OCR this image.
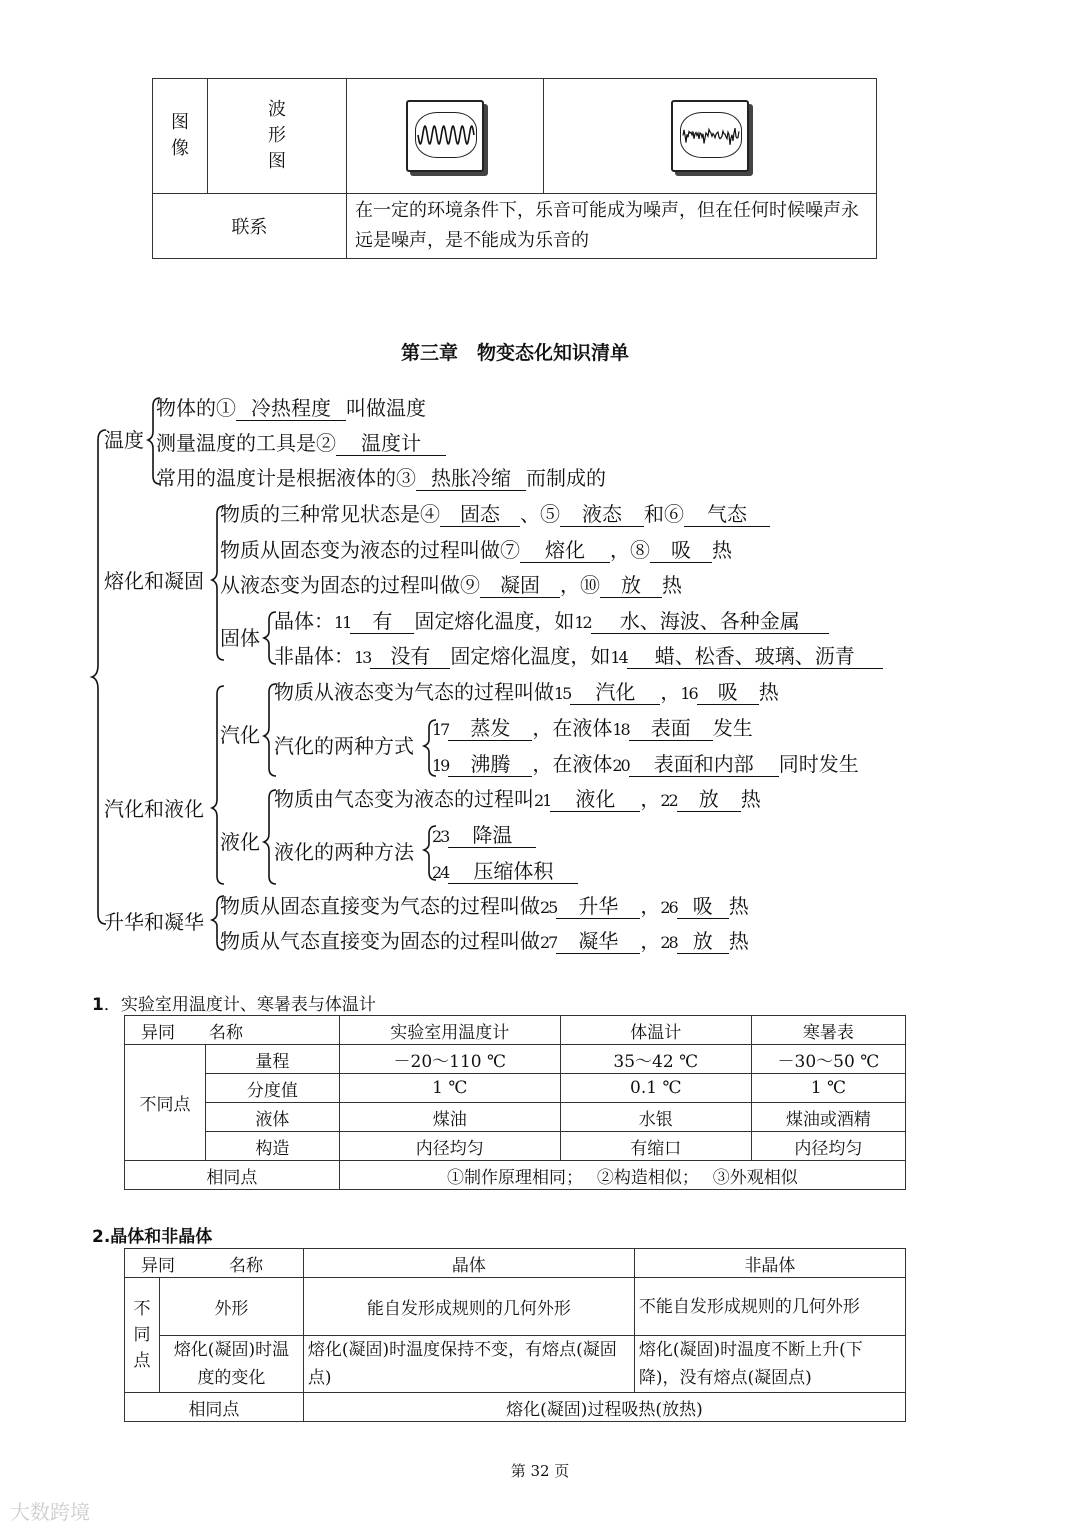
图像	波形图

联系		在一定的环境条件下，乐音可能成为噪声，但在任何时候噪声永远是噪声，是不能成为乐音的	
第三章　物变态化知识清单
温度
物体的① 冷热程度 叫做温度
测量温度的工具是② 温度计
常用的温度计是根据液体的③ 热胀冷缩 而制成的
熔化和凝固
物质的三种常见状态是④ 固态 、⑤ 液态 和⑥ 气态
物质从固态变为液态的过程叫做⑦ 熔化 ，⑧ 吸 热
从液态变为固态的过程叫做⑨ 凝固 ，⑩ 放 热
固体
晶体：11 有 固定熔化温度，如12 水、海波、各种金属
非晶体：13 没有 固定熔化温度，如14 蜡、松香、玻璃、沥青
汽化和液化
汽化
物质从液态变为气态的过程叫做15 汽化 ，16 吸 热
汽化的两种方式
17 蒸发 ，在液体18 表面 发生
19 沸腾 ，在液体20 表面和内部 同时发生
液化
物质由气态变为液态的过程叫21 液化 ，22 放 热
液化的两种方法
23 降温
24 压缩体积
升华和凝华
物质从固态直接变为气态的过程叫做25 升华 ，26 吸 热
物质从气态直接变为固态的过程叫做27 凝华 ，28 放 热
1．实验室用温度计、寒暑表与体温计
异同 名称		实验室用温度计	体温计	寒暑表
不同点	量程	－20～110 ℃	35～42 ℃	－30～50 ℃
	分度值	1 ℃	0.1 ℃	1 ℃
	液体	煤油	水银	煤油或酒精
	构造	内径均匀	有缩口	内径均匀
相同点		①制作原理相同；　 ②构造相似；　 ③外观相似		
2.晶体和非晶体
异同 名称		晶体	非晶体

不同点	外形	能自发形成规则的几何外形	不能自发形成规则的几何外形
	熔化(凝固)时温度的变化	熔化(凝固)时温度保持不变，有熔点(凝固点)	熔化(凝固)时温度不断上升(下降)，没有熔点(凝固点)
相同点		熔化(凝固)过程吸热(放热)	
第 32 页
大数跨境
